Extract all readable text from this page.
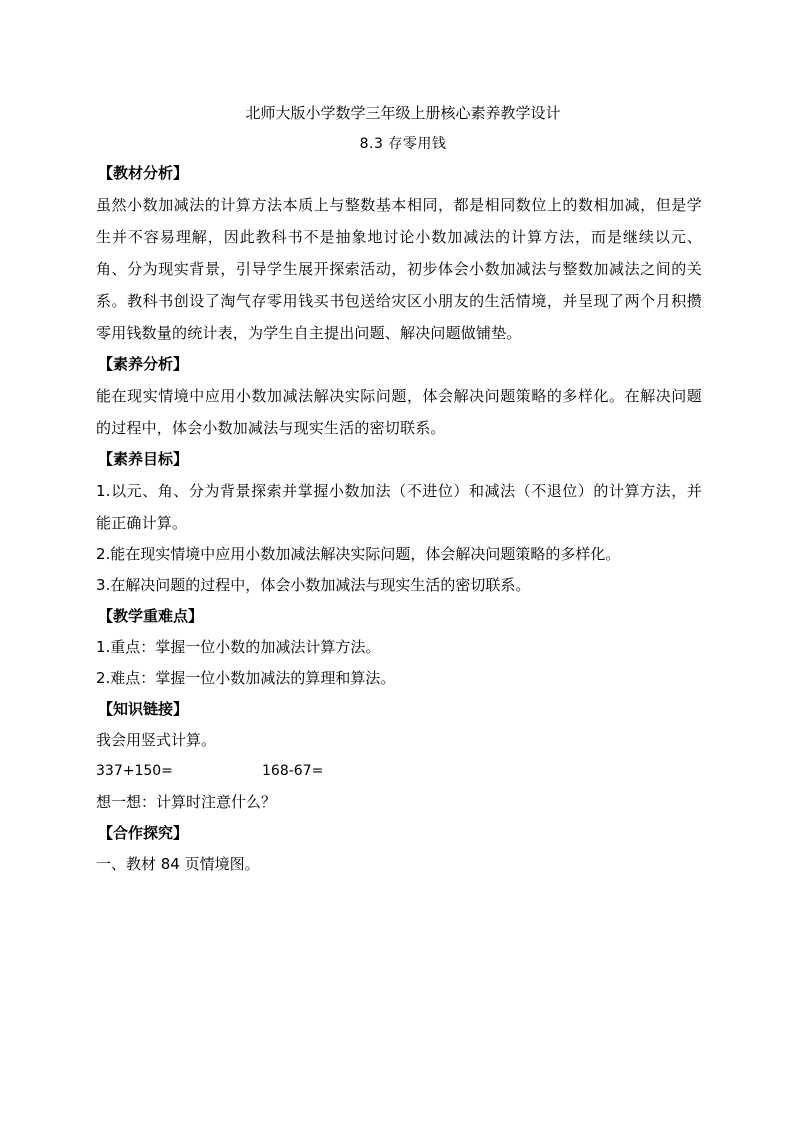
北师大版小学数学三年级上册核心素养教学设计
8.3 存零用钱
【教材分析】

虽然小数加减法的计算方法本质上与整数基本相同，都是相同数位上的数相加减，但是学生并不容易理解，因此教科书不是抽象地讨论小数加减法的计算方法，而是继续以元、角、分为现实背景，引导学生展开探索活动，初步体会小数加减法与整数加减法之间的关系。教科书创设了淘气存零用钱买书包送给灾区小朋友的生活情境，并呈现了两个月积攒零用钱数量的统计表，为学生自主提出问题、解决问题做铺垫。

【素养分析】

能在现实情境中应用小数加减法解决实际问题，体会解决问题策略的多样化。在解决问题的过程中，体会小数加减法与现实生活的密切联系。

【素养目标】

1.以元、角、分为背景探索并掌握小数加法（不进位）和减法（不退位）的计算方法，并能正确计算。

2.能在现实情境中应用小数加减法解决实际问题，体会解决问题策略的多样化。
3.在解决问题的过程中，体会小数加减法与现实生活的密切联系。
【教学重难点】
1.重点：掌握一位小数的加减法计算方法。
2.难点：掌握一位小数加减法的算理和算法。
【知识链接】
我会用竖式计算。
337+150=	168-67=
想一想：计算时注意什么？
【合作探究】
一、教材 84 页情境图。
